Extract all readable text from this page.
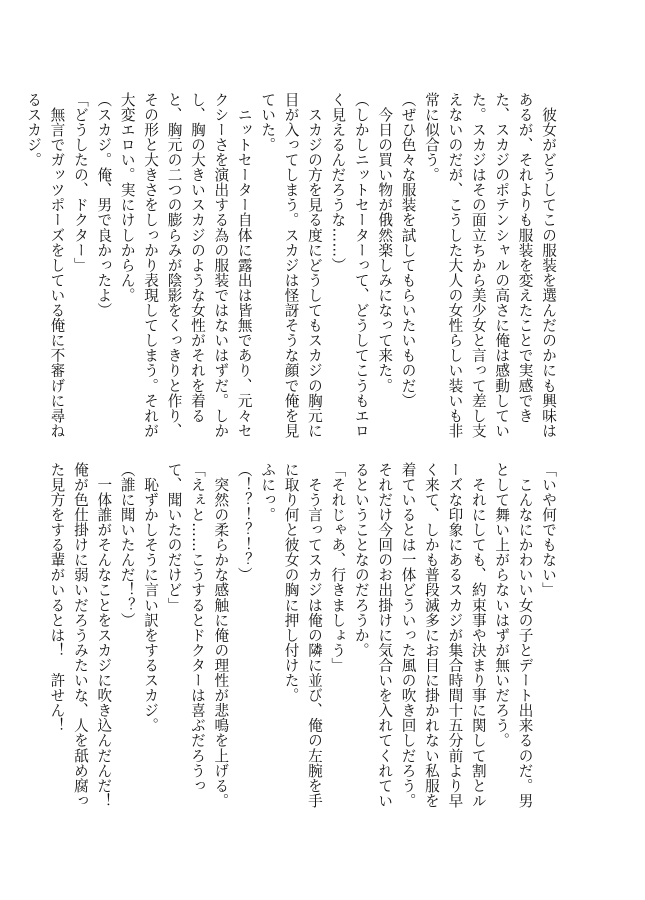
　彼女がどうしてこの服装を選んだのかにも興味は
あるが、それよりも服装を変えたことで実感でき
た、スカジのポテンシャルの高さに俺は感動してい
た。スカジはその面立ちから美少女と言って差し支
えないのだが、こうした大人の女性らしい装いも非
常に似合う。
（ぜひ色々な服装を試してもらいたいものだ）
　今日の買い物が俄然楽しみになって来た。
（しかしニットセーターって、どうしてこうもエロ
く見えるんだろうな……）
　スカジの方を見る度にどうしてもスカジの胸元に
目が入ってしまう。スカジは怪訝そうな顔で俺を見
ていた。
　ニットセーター自体に露出は皆無であり、元々セ
クシーさを演出する為の服装ではないはずだ。しか
し、胸の大きいスカジのような女性がそれを着る
と、胸元の二つの膨らみが陰影をくっきりと作り、
その形と大きさをしっかり表現してしまう。それが
大変エロい。実にけしからん。
（スカジ。俺、男で良かったよ）
「どうしたの、ドクター」
　無言でガッツポーズをしている俺に不審げに尋ね
るスカジ。
「いや何でもない」
　こんなにかわいい女の子とデート出来るのだ。男
として舞い上がらないはずが無いだろう。
　それにしても、約束事や決まり事に関して割とル
ーズな印象にあるスカジが集合時間十五分前より早
く来て、しかも普段滅多にお目に掛かれない私服を
着ているとは一体どういった風の吹き回しだろう。
それだけ今回のお出掛けに気合いを入れてくれてい
るということなのだろうか。
「それじゃあ、行きましょう」
　そう言ってスカジは俺の隣に並び、俺の左腕を手
に取り何と彼女の胸に押し付けた。
ふにっ。
（！？！？！？）
　突然の柔らかな感触に俺の理性が悲鳴を上げる。
「えぇと……こうするとドクターは喜ぶだろうっ
て、聞いたのだけど」
　恥ずかしそうに言い訳をするスカジ。
（誰に聞いたんだ！？）
　一体誰がそんなことをスカジに吹き込んだんだ！
俺が色仕掛けに弱いだろうみたいな、人を舐め腐っ
た見方をする輩がいるとは！　許せん！
